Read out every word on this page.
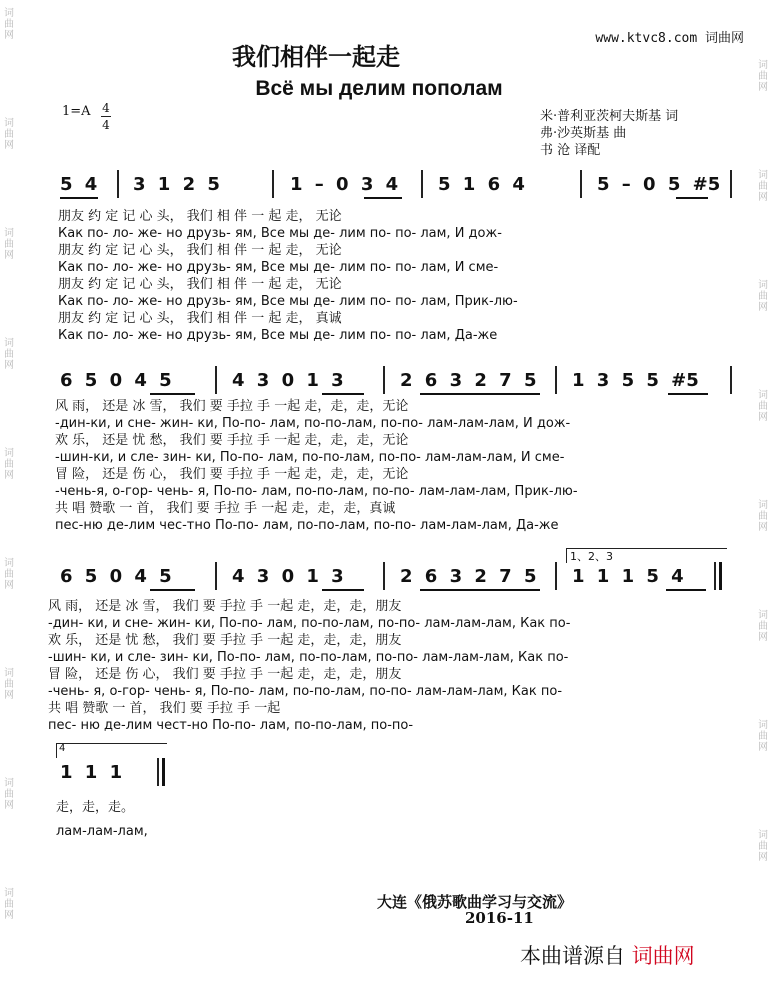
词
曲
网
词
曲
网
词
曲
网
词
曲
网
词
曲
网
词
曲
网
词
曲
网
词
曲
网
词
曲
网
词
曲
网
词
曲
网
词
曲
网
词
曲
网
词
曲
网
词
曲
网
词
曲
网
词
曲
网
www.ktvc8.com 词曲网
我们相伴一起走
Всё мы делим пополам
1=A 4
4
米·普利亚茨柯夫斯基 词
弗·沙英斯基 曲
书 沧 译配
5 4 3 1 2 5	1 – 0 3 4 5 1 6 4	5 – 0 5 #5
朋友 约 定 记 心 头， 我们 相 伴 一 起 走， 无论
Как по- ло- же- но друзь- ям, Все мы де- лим по- по- лам, И дож-
朋友 约 定 记 心 头， 我们 相 伴 一 起 走， 无论
Как по- ло- же- но друзь- ям, Все мы де- лим по- по- лам, И сме-
朋友 约 定 记 心 头， 我们 相 伴 一 起 走， 无论
Как по- ло- же- но друзь- ям, Все мы де- лим по- по- лам, Прик-лю-
朋友 约 定 记 心 头， 我们 相 伴 一 起 走， 真诚
Как по- ло- же- но друзь- ям, Все мы де- лим по- по- лам, Да-же
6 5 0 4 5	4 3 0 1 3	2 6 3 2 7 5 1 3 5 5 #5
风 雨， 还是 冰 雪， 我们 要 手拉 手 一起 走，走，走，无论
-дин-ки, и сне- жин- ки, По-по- лам, по-по-лам, по-по- лам-лам-лам, И дож-
欢 乐， 还是 忧 愁， 我们 要 手拉 手 一起 走，走，走，无论
-шин-ки, и сле- зин- ки, По-по- лам, по-по-лам, по-по- лам-лам-лам, И сме-
冒 险， 还是 伤 心， 我们 要 手拉 手 一起 走，走，走，无论
-чень-я, о-гор- чень- я, По-по- лам, по-по-лам, по-по- лам-лам-лам, Прик-лю-
共 唱 赞歌 一 首， 我们 要 手拉 手 一起 走，走，走，真诚
пес-ню де-лим чес-тно По-по- лам, по-по-лам, по-по- лам-лам-лам, Да-же
1、2、3
6 5 0 4 5	4 3 0 1 3	2 6 3 2 7 5 1 1 1 5 4
风 雨， 还是 冰 雪， 我们 要 手拉 手 一起 走，走，走，朋友
-дин- ки, и сне- жин- ки, По-по- лам, по-по-лам, по-по- лам-лам-лам, Как по-
欢 乐， 还是 忧 愁， 我们 要 手拉 手 一起 走，走，走，朋友
-шин- ки, и сле- зин- ки, По-по- лам, по-по-лам, по-по- лам-лам-лам, Как по-
冒 险， 还是 伤 心， 我们 要 手拉 手 一起 走，走，走，朋友
-чень- я, о-гор- чень- я, По-по- лам, по-по-лам, по-по- лам-лам-лам, Как по-
共 唱 赞歌 一 首， 我们 要 手拉 手 一起
пес- ню де-лим чест-но По-по- лам, по-по-лам, по-по-
4
1 1 1
走，走，走。
лам-лам-лам,
大连《俄苏歌曲学习与交流》
2016-11
本曲谱源自 词曲网
